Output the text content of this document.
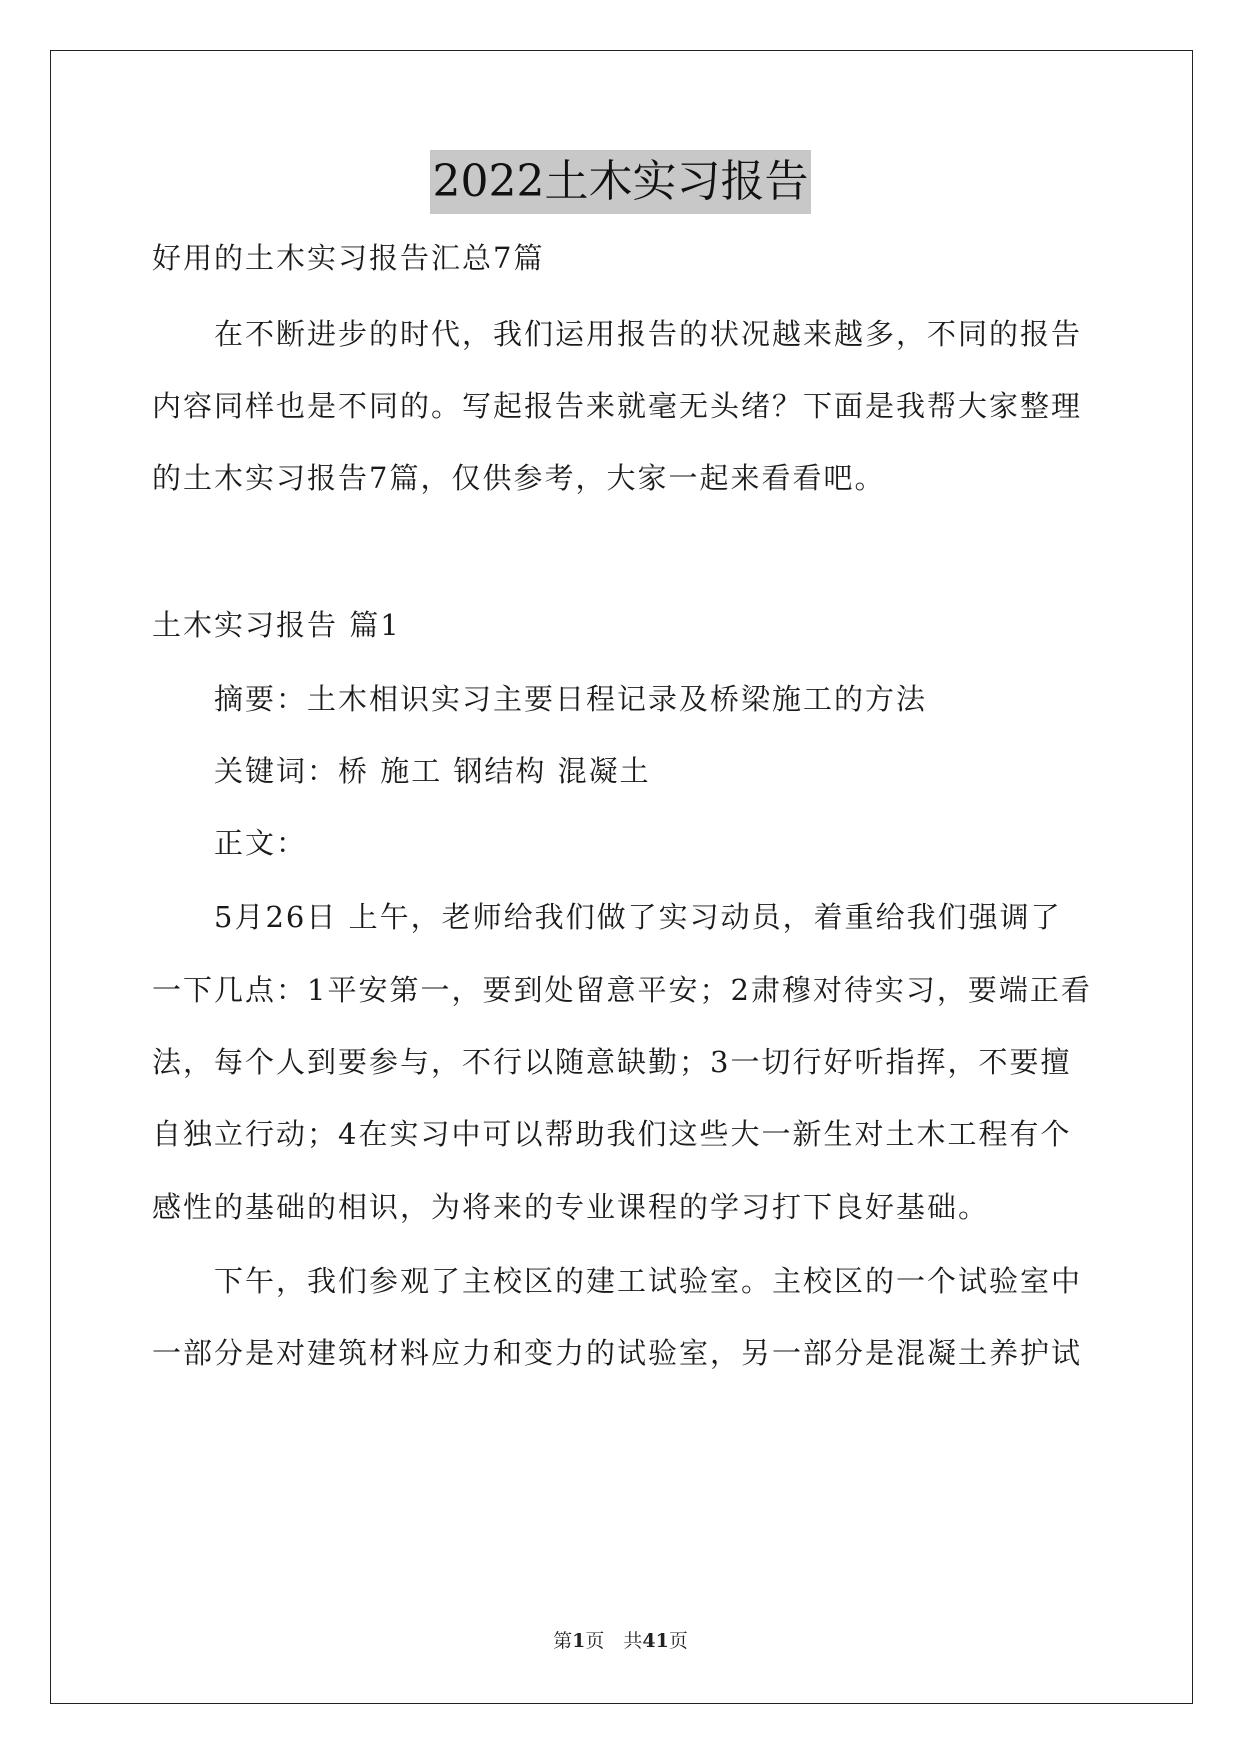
2022土木实习报告
好用的土木实习报告汇总7篇
在不断进步的时代，我们运用报告的状况越来越多，不同的报告
内容同样也是不同的。写起报告来就毫无头绪？下面是我帮大家整理
的土木实习报告7篇，仅供参考，大家一起来看看吧。
土木实习报告 篇1
摘要：土木相识实习主要日程记录及桥梁施工的方法
关键词：桥 施工 钢结构 混凝土
正文：
5月26日 上午，老师给我们做了实习动员，着重给我们强调了
一下几点：1平安第一，要到处留意平安；2肃穆对待实习，要端正看
法，每个人到要参与，不行以随意缺勤；3一切行好听指挥，不要擅
自独立行动；4在实习中可以帮助我们这些大一新生对土木工程有个
感性的基础的相识，为将来的专业课程的学习打下良好基础。
下午，我们参观了主校区的建工试验室。主校区的一个试验室中
一部分是对建筑材料应力和变力的试验室，另一部分是混凝土养护试
第1页　共41页
